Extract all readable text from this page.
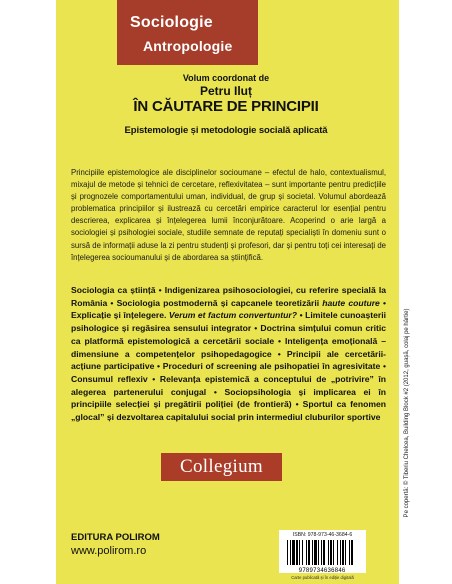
Sociologie
Antropologie
Volum coordonat de
Petru Iluț
ÎN CĂUTARE DE PRINCIPII
Epistemologie și metodologie socială aplicată
Principiile epistemologice ale disciplinelor socioumane – efectul de halo, contextualismul, mixajul de metode și tehnici de cercetare, reflexivitatea – sunt importante pentru predicțiile și prognozele comportamentului uman, individual, de grup și societal. Volumul abordează problematica principiilor și ilustrează cu cercetări empirice caracterul lor esențial pentru descrierea, explicarea și înțelegerea lumii înconjurătoare. Acoperind o arie largă a sociologiei și psihologiei sociale, studiile semnate de reputați specialiști în domeniu sunt o sursă de informații aduse la zi pentru studenți și profesori, dar și pentru toți cei interesați de înțelegerea socioumanului și de abordarea sa științifică.
Sociologia ca știință • Indigenizarea psihosociologiei, cu referire specială la România • Sociologia postmodernă și capcanele teoretizării haute couture • Explicație și înțelegere. Verum et factum convertuntur? • Limitele cunoașterii psihologice și regăsirea sensului integrator • Doctrina simțului comun critic ca platformă epistemologică a cercetării sociale • Inteligența emoțională – dimensiune a competențelor psihopedagogice • Principii ale cercetării-acțiune participative • Proceduri of screening ale psihopatiei în agresivitate • Consumul reflexiv • Relevanța epistemică a conceptului de „potrivire” în alegerea partenerului conjugal • Sociopsihologia și implicarea ei în principiile selecției și pregătirii poliției (de frontieră) • Sportul ca fenomen „glocal” și dezvoltarea capitalului social prin intermediul cluburilor sportive
Collegium
EDITURA POLIROM
www.polirom.ro
ISBN: 978-973-46-3684-6
9789734636846
Carte publicată și în ediție digitală
Pe copertă: © Tiberiu Chelcea, Building Block #2 (2012, guașă, colaj pe hârtie)
